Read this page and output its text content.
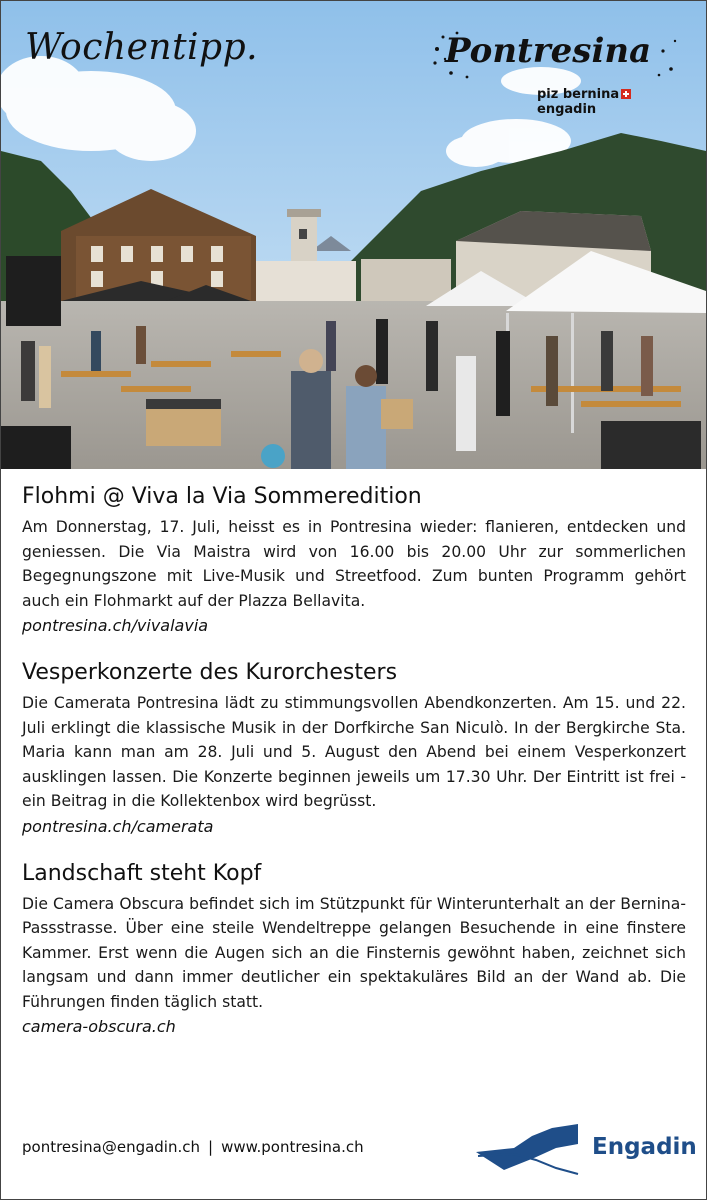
Wochentipp.	Pontresina
piz berninaengadin
Flohmi @ Viva la Via Sommeredition

Am Donnerstag, 17. Juli, heisst es in Pontresina wieder: flanieren, entdecken und geniessen. Die Via Maistra wird von 16.00 bis 20.00 Uhr zur sommerlichen Begegnungszone mit Live-Musik und Streetfood. Zum bunten Programm gehört auch ein Flohmarkt auf der Plazza Bellavita.

pontresina.ch/vivalavia
Vesperkonzerte des Kurorchesters

Die Camerata Pontresina lädt zu stimmungsvollen Abendkonzerten. Am 15. und 22. Juli erklingt die klassische Musik in der Dorfkirche San Niculò. In der Bergkirche Sta. Maria kann man am 28. Juli und 5. August den Abend bei einem Vesperkonzert ausklingen lassen. Die Konzerte beginnen jeweils um 17.30 Uhr. Der Eintritt ist frei - ein Beitrag in die Kollektenbox wird begrüsst.

pontresina.ch/camerata
Landschaft steht Kopf

Die Camera Obscura befindet sich im Stützpunkt für Winterunterhalt an der Bernina-Passstrasse. Über eine steile Wendeltreppe gelangen Besuchende in eine finstere Kammer. Erst wenn die Augen sich an die Finsternis gewöhnt haben, zeichnet sich langsam und dann immer deutlicher ein spektakuläres Bild an der Wand ab. Die Führungen finden täglich statt.

camera-obscura.ch
pontresina@engadin.ch | www.pontresina.ch	Engadin
